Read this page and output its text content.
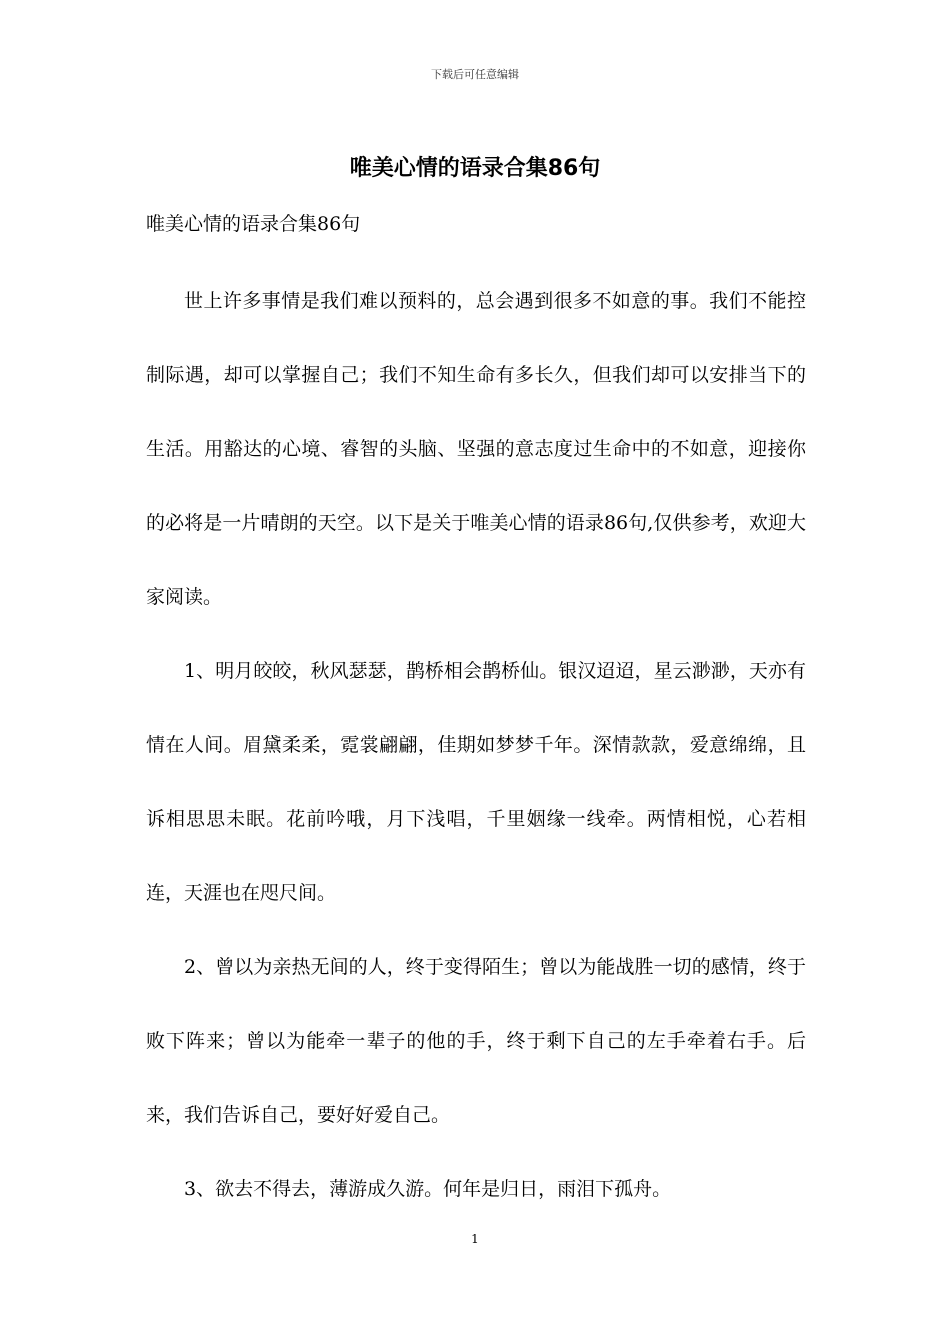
下载后可任意编辑
唯美心情的语录合集86句

唯美心情的语录合集86句

世上许多事情是我们难以预料的，总会遇到很多不如意的事。我们不能控制际遇，却可以掌握自己；我们不知生命有多长久，但我们却可以安排当下的生活。用豁达的心境、睿智的头脑、坚强的意志度过生命中的不如意，迎接你的必将是一片晴朗的天空。以下是关于唯美心情的语录86句,仅供参考，欢迎大家阅读。

1、明月皎皎，秋风瑟瑟，鹊桥相会鹊桥仙。银汉迢迢，星云渺渺，天亦有情在人间。眉黛柔柔，霓裳翩翩，佳期如梦梦千年。深情款款，爱意绵绵，且诉相思思未眠。花前吟哦，月下浅唱，千里姻缘一线牵。两情相悦，心若相连，天涯也在咫尺间。

2、曾以为亲热无间的人，终于变得陌生；曾以为能战胜一切的感情，终于败下阵来；曾以为能牵一辈子的他的手，终于剩下自己的左手牵着右手。后来，我们告诉自己，要好好爱自己。

3、欲去不得去，薄游成久游。何年是归日，雨泪下孤舟。

1
